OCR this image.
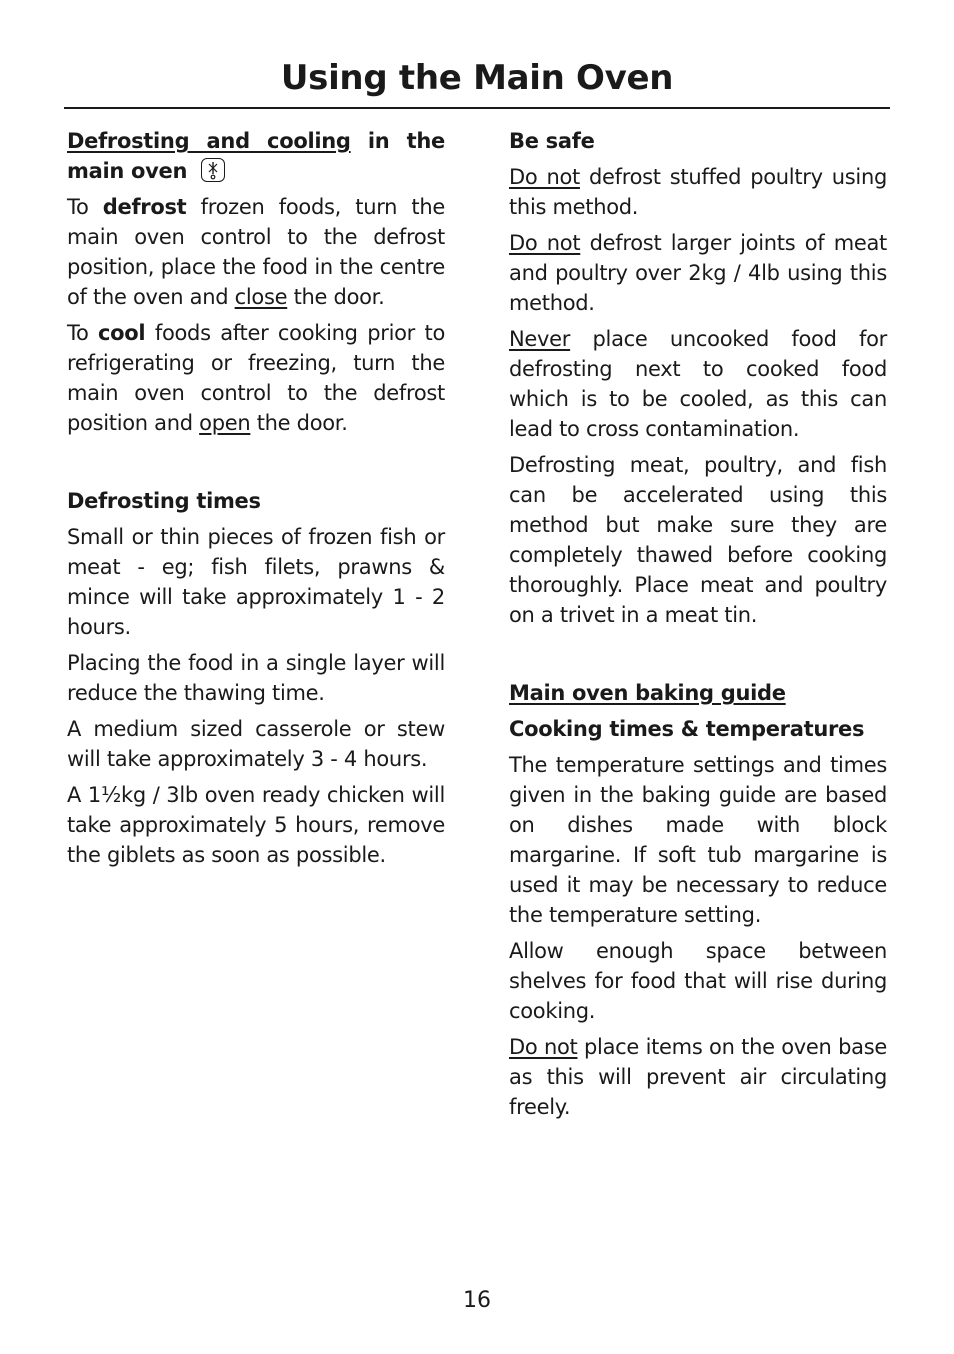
Using the Main Oven
Defrosting and cooling in the main oven

To defrost frozen foods, turn the main oven control to the defrost position, place the food in the centre of the oven and close the door.

To cool foods after cooking prior to refrigerating or freezing, turn the main oven control to the defrost position and open the door.

Defrosting times

Small or thin pieces of frozen fish or meat - eg; fish filets, prawns & mince will take approximately 1 - 2 hours.

Placing the food in a single layer will reduce the thawing time.

A medium sized casserole or stew will take approximately 3 - 4 hours.

A 1½kg / 3lb oven ready chicken will take approximately 5 hours, remove the giblets as soon as possible.

Be safe

Do not defrost stuffed poultry using this method.

Do not defrost larger joints of meat and poultry over 2kg / 4lb using this method.

Never place uncooked food for defrosting next to cooked food which is to be cooled, as this can lead to cross contamination.

Defrosting meat, poultry, and fish can be accelerated using this method but make sure they are completely thawed before cooking thoroughly. Place meat and poultry on a trivet in a meat tin.

Main oven baking guide
Cooking times & temperatures

The temperature settings and times given in the baking guide are based on dishes made with block margarine. If soft tub margarine is used it may be necessary to reduce the temperature setting.

Allow enough space between shelves for food that will rise during cooking.

Do not place items on the oven base as this will prevent air circulating freely.

16
